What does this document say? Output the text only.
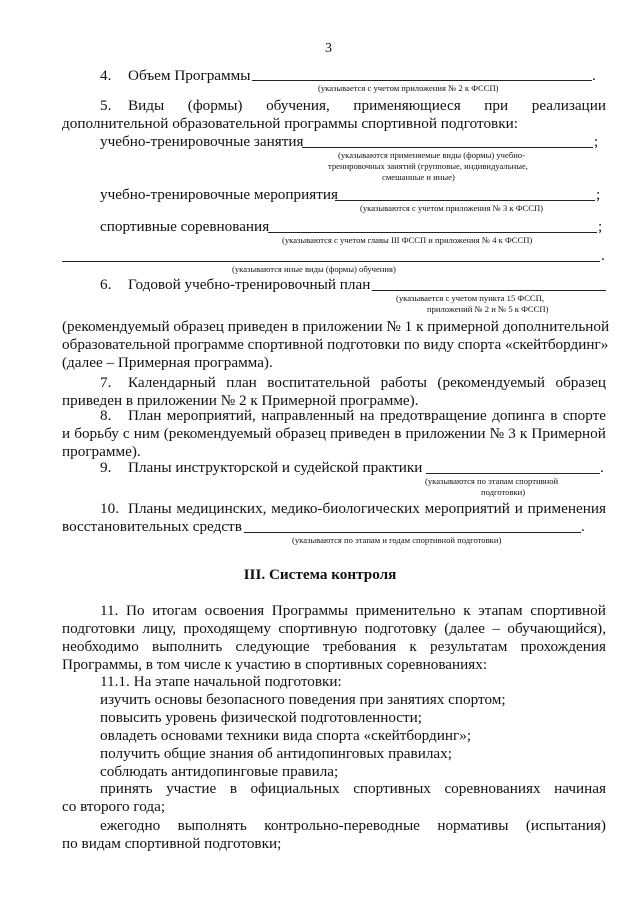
3
4. Объем Программы	.
(указывается с учетом приложения № 2 к ФССП)
5. Виды (формы) обучения, применяющиеся при реализации
дополнительной образовательной программы спортивной подготовки:
учебно-тренировочные занятия	;
(указываются применяемые виды (формы) учебно-
тренировочных занятий (групповые, индивидуальные,
смешанные и иные)
учебно-тренировочные мероприятия	;
(указываются с учетом приложения № 3 к ФССП)
спортивные соревнования	;
(указываются с учетом главы III ФССП и приложения № 4 к ФССП)
.
(указываются иные виды (формы) обучения)
6. Годовой учебно-тренировочный план
(указывается с учетом пункта 15 ФССП,
приложений № 2 и № 5 к ФССП)
(рекомендуемый образец приведен в приложении № 1 к примерной дополнительной
образовательной программе спортивной подготовки по виду спорта «скейтбординг»
(далее – Примерная программа).
7. Календарный план воспитательной работы (рекомендуемый образец
приведен в приложении № 2 к Примерной программе).
8. План мероприятий, направленный на предотвращение допинга в спорте
и борьбу с ним (рекомендуемый образец приведен в приложении № 3 к Примерной
программе).
9. Планы инструкторской и судейской практики	.
(указываются по этапам спортивной
подготовки)
10. Планы медицинских, медико-биологических мероприятий и применения
восстановительных средств	.
(указываются по этапам и годам спортивной подготовки)
III. Система контроля
11. По итогам освоения Программы применительно к этапам спортивной
подготовки лицу, проходящему спортивную подготовку (далее – обучающийся),
необходимо выполнить следующие требования к результатам прохождения
Программы, в том числе к участию в спортивных соревнованиях:
11.1. На этапе начальной подготовки:
изучить основы безопасного поведения при занятиях спортом;
повысить уровень физической подготовленности;
овладеть основами техники вида спорта «скейтбординг»;
получить общие знания об антидопинговых правилах;
соблюдать антидопинговые правила;
принять участие в официальных спортивных соревнованиях начиная
со второго года;
ежегодно выполнять контрольно-переводные нормативы (испытания)
по видам спортивной подготовки;
